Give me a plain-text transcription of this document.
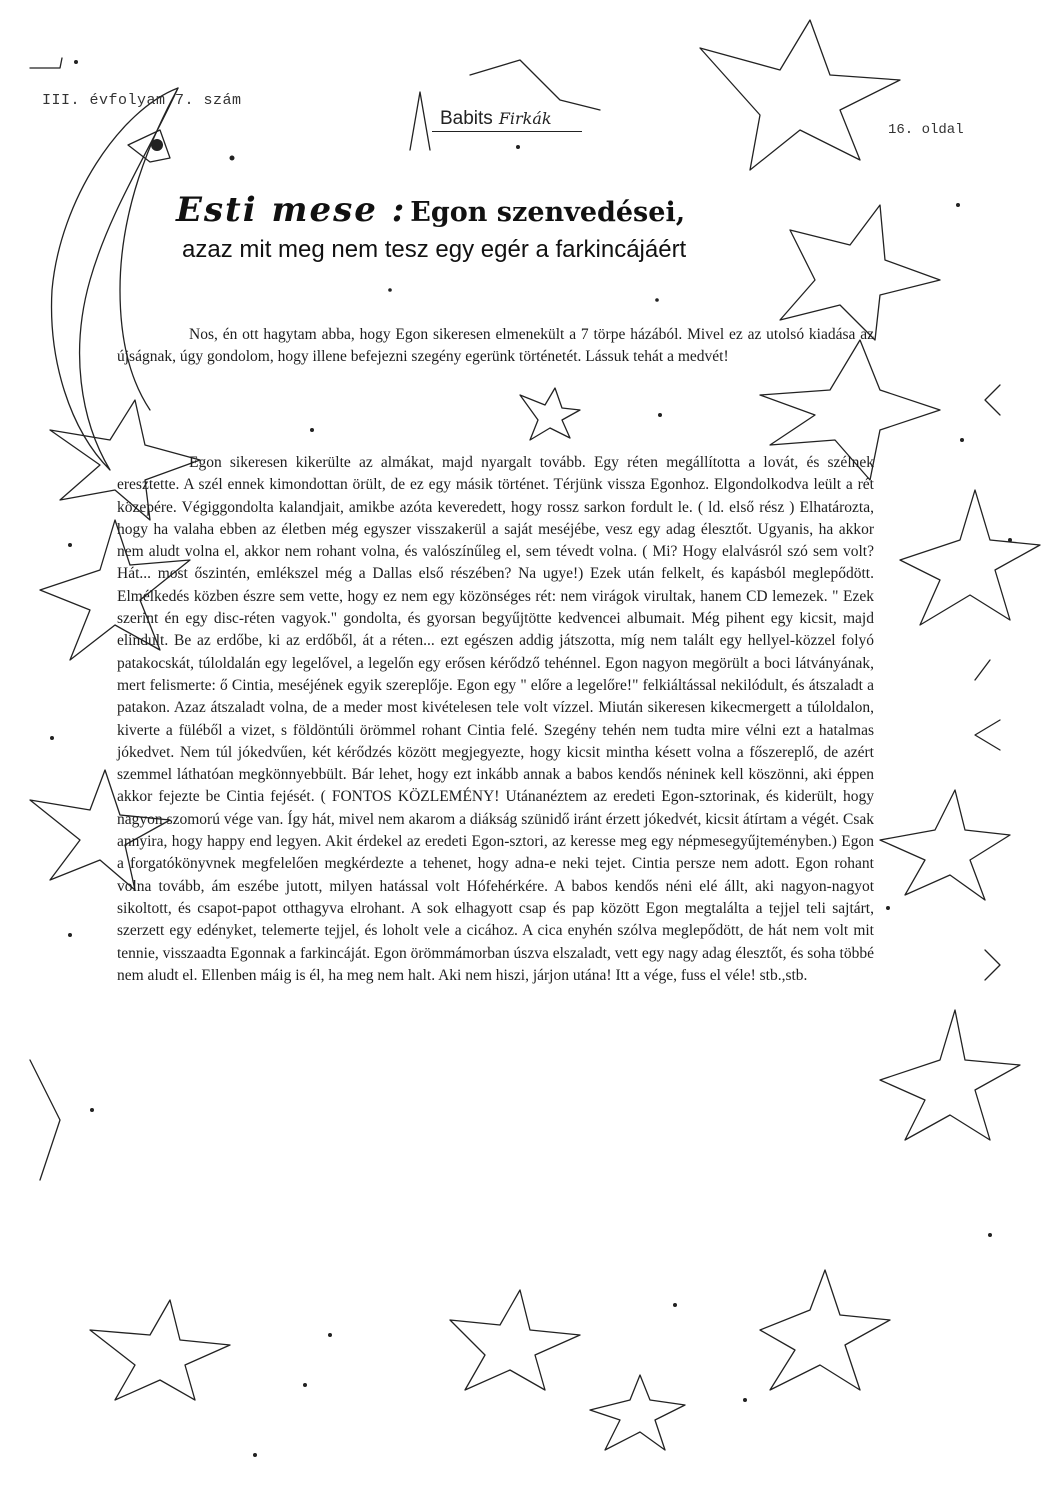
III. évfolyam 7. szám
Babits Firkák
16. oldal
Esti mese : Egon szenvedései,
azaz mit meg nem tesz egy egér a farkincájáért

Nos, én ott hagytam abba, hogy Egon sikeresen elmenekült a 7 törpe házából. Mivel ez az utolsó kiadása az újságnak, úgy gondolom, hogy illene befejezni szegény egerünk történetét. Lássuk tehát a medvét!

Egon sikeresen kikerülte az almákat, majd nyargalt tovább. Egy réten megállította a lovát, és szélnek eresztette. A szél ennek kimondottan örült, de ez egy másik történet. Térjünk vissza Egonhoz. Elgondolkodva leült a rét közepére. Végiggondolta kalandjait, amikbe azóta keveredett, hogy rossz sarkon fordult le. ( ld. első rész ) Elhatározta, hogy ha valaha ebben az életben még egyszer visszakerül a saját meséjébe, vesz egy adag élesztőt. Ugyanis, ha akkor nem aludt volna el, akkor nem rohant volna, és valószínűleg el, sem tévedt volna. ( Mi? Hogy elalvásról szó sem volt? Hát... most őszintén, emlékszel még a Dallas első részében? Na ugye!) Ezek után felkelt, és kapásból meglepődött. Elmélkedés közben észre sem vette, hogy ez nem egy közönséges rét: nem virágok virultak, hanem CD lemezek. " Ezek szerint én egy disc-réten vagyok." gondolta, és gyorsan begyűjtötte kedvencei albumait. Még pihent egy kicsit, majd elindult. Be az erdőbe, ki az erdőből, át a réten... ezt egészen addig játszotta, míg nem talált egy hellyel-közzel folyó patakocskát, túloldalán egy legelővel, a legelőn egy erősen kérődző tehénnel. Egon nagyon megörült a boci látványának, mert felismerte: ő Cintia, meséjének egyik szereplője. Egon egy " előre a legelőre!" felkiáltással nekilódult, és átszaladt a patakon. Azaz átszaladt volna, de a meder most kivételesen tele volt vízzel. Miután sikeresen kikecmergett a túloldalon, kiverte a füléből a vizet, s földöntúli örömmel rohant Cintia felé. Szegény tehén nem tudta mire vélni ezt a hatalmas jókedvet. Nem túl jókedvűen, két kérődzés között megjegyezte, hogy kicsit mintha késett volna a főszereplő, de azért szemmel láthatóan megkönnyebbült. Bár lehet, hogy ezt inkább annak a babos kendős néninek kell köszönni, aki éppen akkor fejezte be Cintia fejését. ( FONTOS KÖZLEMÉNY! Utánanéztem az eredeti Egon-sztorinak, és kiderült, hogy nagyon szomorú vége van. Így hát, mivel nem akarom a diákság szünidő iránt érzett jókedvét, kicsit átírtam a végét. Csak annyira, hogy happy end legyen. Akit érdekel az eredeti Egon-sztori, az keresse meg egy népmesegyűjteményben.) Egon a forgatókönyvnek megfelelően megkérdezte a tehenet, hogy adna-e neki tejet. Cintia persze nem adott. Egon rohant volna tovább, ám eszébe jutott, milyen hatással volt Hófehérkére. A babos kendős néni elé állt, aki nagyon-nagyot sikoltott, és csapot-papot otthagyva elrohant. A sok elhagyott csap és pap között Egon megtalálta a tejjel teli sajtárt, szerzett egy edényket, telemerte tejjel, és loholt vele a cicához. A cica enyhén szólva meglepődött, de hát nem volt mit tennie, visszaadta Egonnak a farkincáját. Egon örömmámorban úszva elszaladt, vett egy nagy adag élesztőt, és soha többé nem aludt el. Ellenben máig is él, ha meg nem halt. Aki nem hiszi, járjon utána! Itt a vége, fuss el véle! stb.,stb.
